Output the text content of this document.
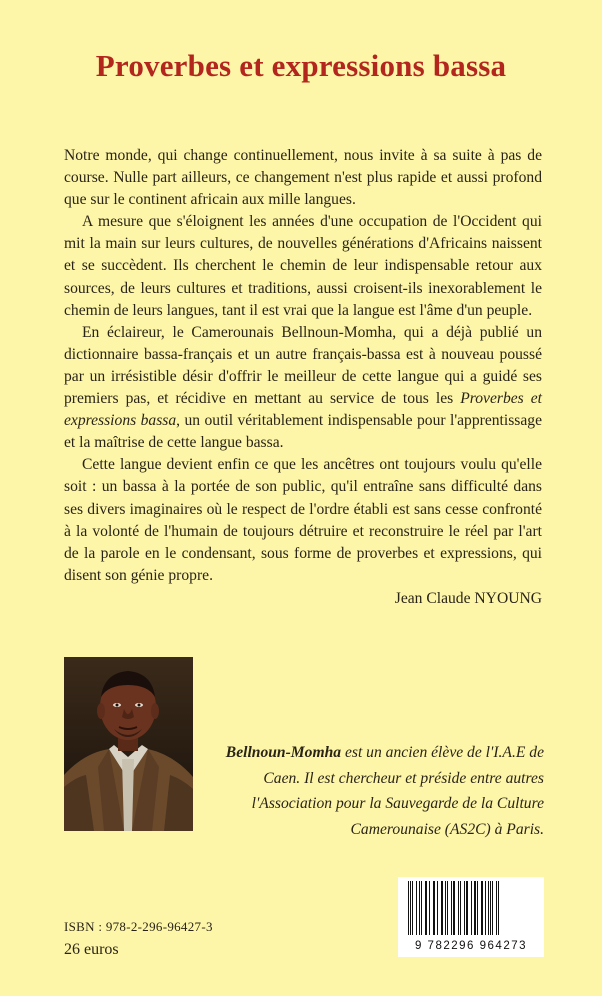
Proverbes et expressions bassa

Notre monde, qui change continuellement, nous invite à sa suite à pas de course. Nulle part ailleurs, ce changement n'est plus rapide et aussi profond que sur le continent africain aux mille langues.

A mesure que s'éloignent les années d'une occupation de l'Occident qui mit la main sur leurs cultures, de nouvelles générations d'Africains naissent et se succèdent. Ils cherchent le chemin de leur indispensable retour aux sources, de leurs cultures et traditions, aussi croisent-ils inexorablement le chemin de leurs langues, tant il est vrai que la langue est l'âme d'un peuple.

En éclaireur, le Camerounais Bellnoun-Momha, qui a déjà publié un dictionnaire bassa-français et un autre français-bassa est à nouveau poussé par un irrésistible désir d'offrir le meilleur de cette langue qui a guidé ses premiers pas, et récidive en mettant au service de tous les Proverbes et expressions bassa, un outil véritablement indispensable pour l'apprentissage et la maîtrise de cette langue bassa.

Cette langue devient enfin ce que les ancêtres ont toujours voulu qu'elle soit : un bassa à la portée de son public, qu'il entraîne sans difficulté dans ses divers imaginaires où le respect de l'ordre établi est sans cesse confronté à la volonté de l'humain de toujours détruire et reconstruire le réel par l'art de la parole en le condensant, sous forme de proverbes et expressions, qui disent son génie propre.

Jean Claude NYOUNG
Bellnoun-Momha est un ancien élève de l'I.A.E de Caen. Il est chercheur et préside entre autres l'Association pour la Sauvegarde de la Culture Camerounaise (AS2C) à Paris.
ISBN : 978-2-296-96427-3
26 euros	9 782296 964273
